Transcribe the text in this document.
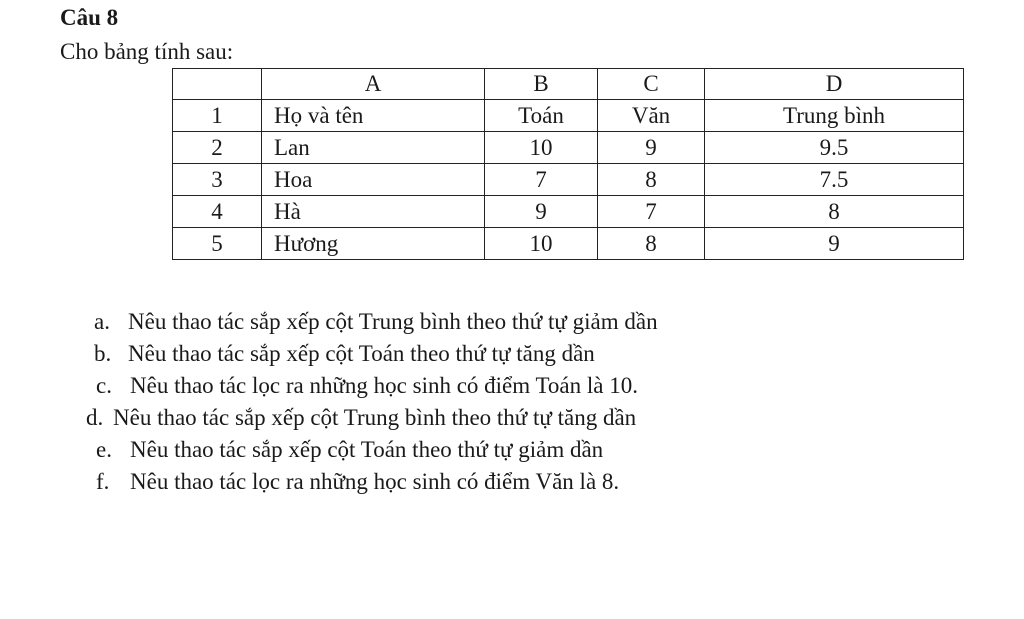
Câu 8
Cho bảng tính sau:
	A	B	C	D
1	Họ và tên	Toán	Văn	Trung bình
2	Lan	10	9	9.5
3	Hoa	7	8	7.5
4	Hà	9	7	8
5	Hương	10	8	9
a. Nêu thao tác sắp xếp cột Trung bình theo thứ tự giảm dần
b. Nêu thao tác sắp xếp cột Toán theo thứ tự tăng dần
c. Nêu thao tác lọc ra những học sinh có điểm Toán là 10.
d. Nêu thao tác sắp xếp cột Trung bình theo thứ tự tăng dần
e. Nêu thao tác sắp xếp cột Toán theo thứ tự giảm dần
f. Nêu thao tác lọc ra những học sinh có điểm Văn là 8.
